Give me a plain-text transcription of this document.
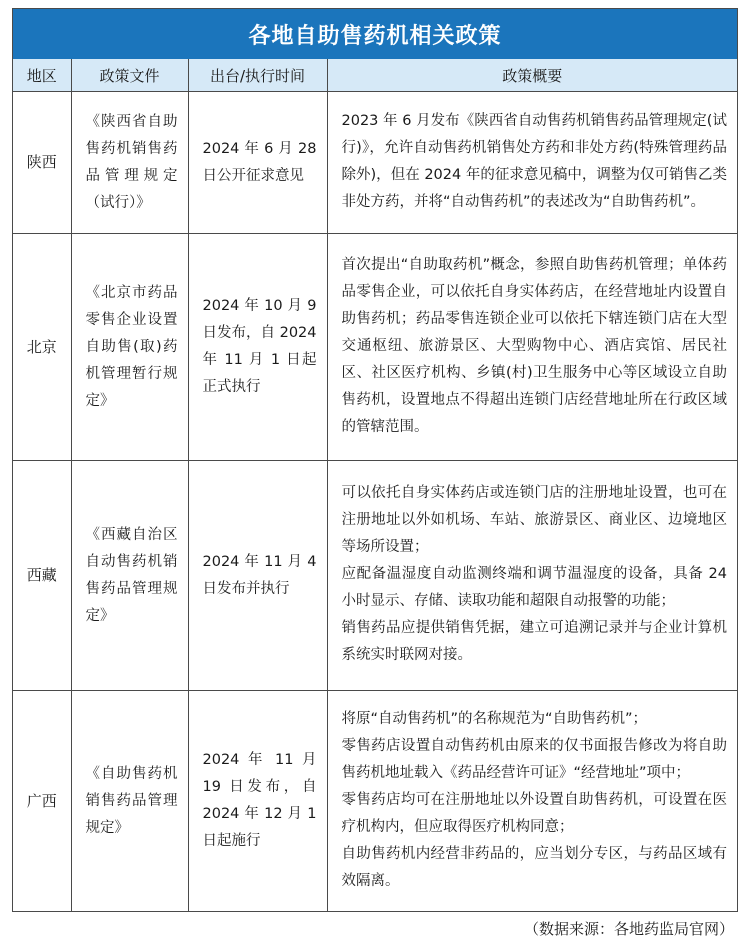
各地自助售药机相关政策
地区	政策文件	出台/执行时间	政策概要
陕西	《陕西省自助售药机销售药品管理规定（试行）》	2024 年 6 月 28 日公开征求意见	2023 年 6 月发布《陕西省自动售药机销售药品管理规定(试行)》，允许自动售药机销售处方药和非处方药(特殊管理药品除外)，但在 2024 年的征求意见稿中，调整为仅可销售乙类非处方药，并将“自动售药机”的表述改为“自助售药机”。

北京	《北京市药品零售企业设置自助售(取)药机管理暂行规定》	2024 年 10 月 9 日发布，自 2024 年 11 月 1 日起正式执行	首次提出“自助取药机”概念，参照自助售药机管理；单体药品零售企业，可以依托自身实体药店，在经营地址内设置自助售药机；药品零售连锁企业可以依托下辖连锁门店在大型交通枢纽、旅游景区、大型购物中心、酒店宾馆、居民社区、社区医疗机构、乡镇(村)卫生服务中心等区域设立自助售药机，设置地点不得超出连锁门店经营地址所在行政区域的管辖范围。

西藏	《西藏自治区自动售药机销售药品管理规定》	2024 年 11 月 4 日发布并执行	可以依托自身实体药店或连锁门店的注册地址设置，也可在注册地址以外如机场、车站、旅游景区、商业区、边境地区等场所设置；

应配备温湿度自动监测终端和调节温湿度的设备，具备 24 小时显示、存储、读取功能和超限自动报警的功能；

销售药品应提供销售凭据，建立可追溯记录并与企业计算机系统实时联网对接。

广西	《自助售药机销售药品管理规定》	2024 年 11 月 19 日发布，自 2024 年 12 月 1 日起施行	将原“自动售药机”的名称规范为“自助售药机”；

零售药店设置自动售药机由原来的仅书面报告修改为将自助售药机地址载入《药品经营许可证》“经营地址”项中；

零售药店均可在注册地址以外设置自助售药机，可设置在医疗机构内，但应取得医疗机构同意；

自助售药机内经营非药品的，应当划分专区，与药品区域有效隔离。

（数据来源：各地药监局官网）
